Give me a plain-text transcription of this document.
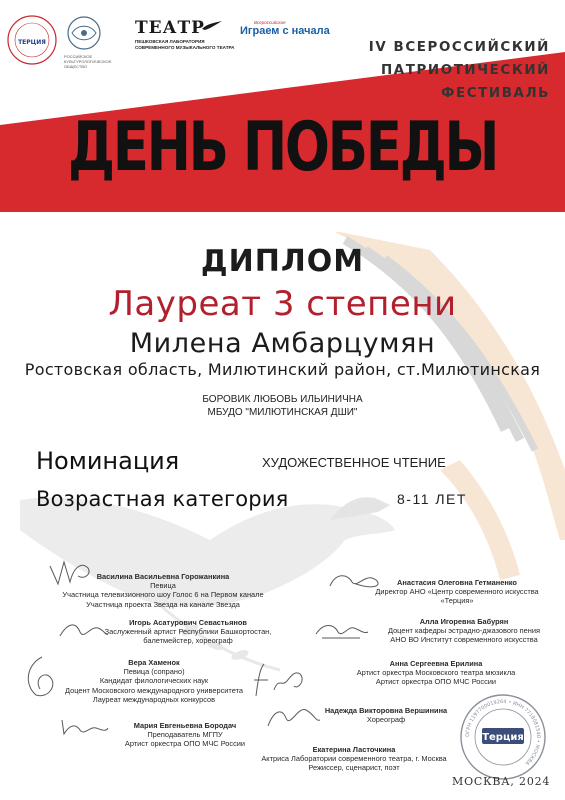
ТЕРЦИЯ
РОССИЙСКОЕ КУЛЬТУРОЛОГИЧЕСКОЕ ОБЩЕСТВО
ТЕАТР
ПЕШКОВСКАЯ ЛАБОРАТОРИЯ СОВРЕМЕННОГО МУЗЫКАЛЬНОГО ТЕАТРА
Всероссийское
Играем с начала
IV ВСЕРОССИЙСКИЙ
ПАТРИОТИЧЕСКИЙ ФЕСТИВАЛЬ
ДЕНЬ ПОБЕДЫ
ДИПЛОМ
Лауреат 3 степени
Милена Амбарцумян
Ростовская область, Милютинский район, ст.Милютинская
БОРОВИК ЛЮБОВЬ ИЛЬИНИЧНА
МБУДО "МИЛЮТИНСКАЯ ДШИ"
Номинация	ХУДОЖЕСТВЕННОЕ ЧТЕНИЕ
Возрастная категория	8-11 ЛЕТ
Василина Васильевна Горожанкина
Певица
Участница телевизионного шоу Голос 6 на Первом канале
Участница проекта Звезда на канале Звезда
Игорь Асатурович Севастьянов
Заслуженный артист Республики Башкортостан,
балетмейстер, хореограф
Вера Хаменок
Певица (сопрано)
Кандидат филологических наук
Доцент Московского международного университета
Лауреат международных конкурсов
Мария Евгеньевна Бородач
Преподаватель МГПУ
Артист оркестра ОПО МЧС России
Анастасия Олеговна Гетманенко
Директор АНО «Центр современного искусства
«Терция»
Алла Игоревна Бабурян
Доцент кафедры эстрадно-джазового пения
АНО ВО Институт современного искусства
Анна Сергеевна Ерилина
Артист оркестра Московского театра мюзикла
Артист оркестра ОПО МЧС России
Надежда Викторовна Вершинина
Хореограф
Екатерина Ласточкина
Актриса Лаборатории современного театра, г. Москва
Режиссер, сценарист, поэт
ОГРН 1197700019264 • ИНН 7718081540 • МОСКВА
Терция
МОСКВА, 2024
